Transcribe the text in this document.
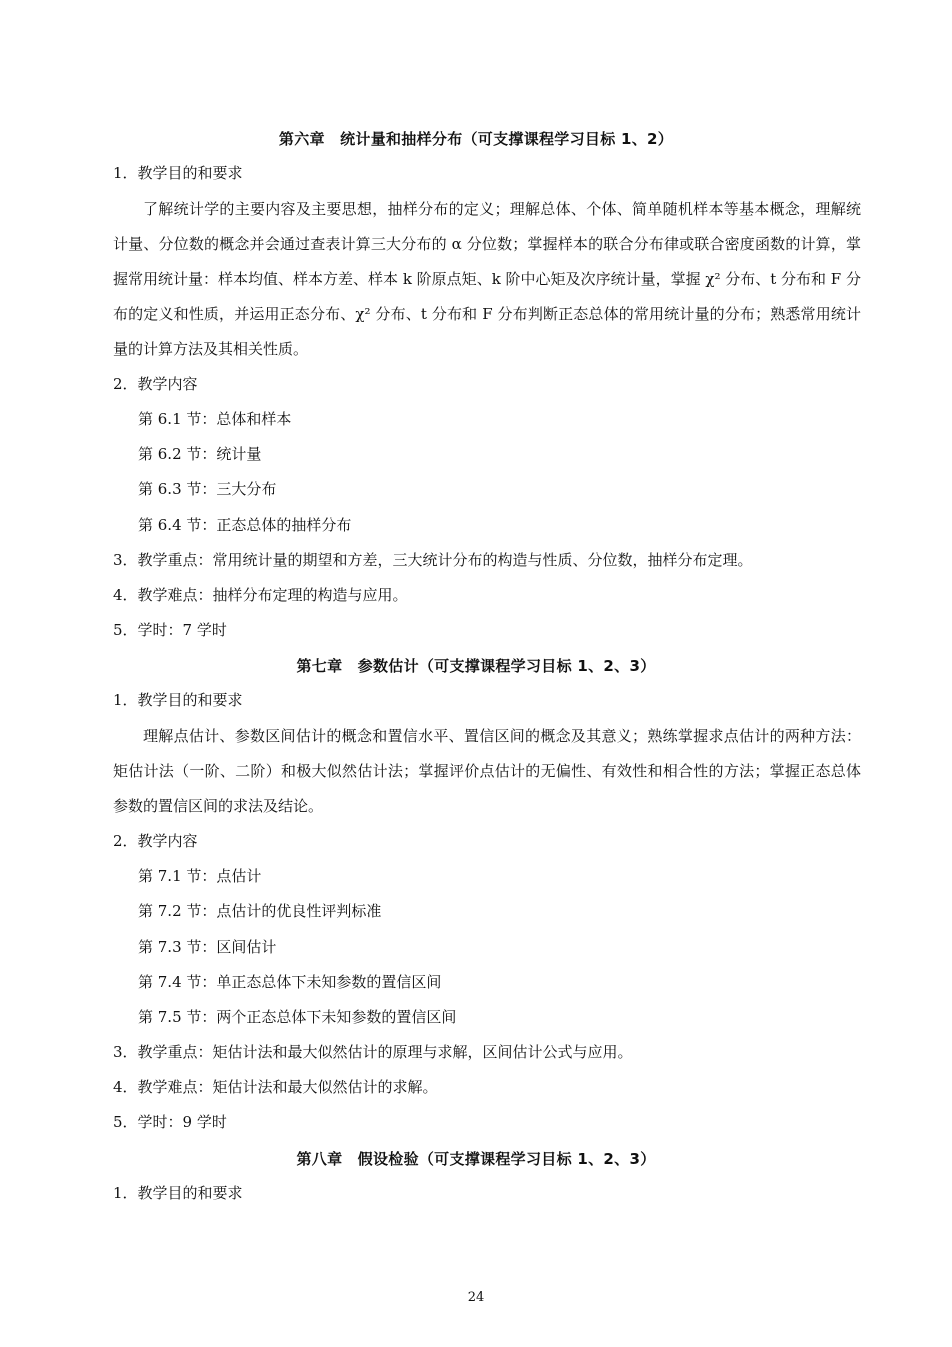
第六章　统计量和抽样分布（可支撑课程学习目标 1、2）
1．教学目的和要求

了解统计学的主要内容及主要思想，抽样分布的定义；理解总体、个体、简单随机样本等基本概念，理解统计量、分位数的概念并会通过查表计算三大分布的 α 分位数；掌握样本的联合分布律或联合密度函数的计算，掌握常用统计量：样本均值、样本方差、样本 k 阶原点矩、k 阶中心矩及次序统计量，掌握 χ² 分布、t 分布和 F 分布的定义和性质，并运用正态分布、χ² 分布、t 分布和 F 分布判断正态总体的常用统计量的分布；熟悉常用统计量的计算方法及其相关性质。

2．教学内容
第 6.1 节：总体和样本
第 6.2 节：统计量
第 6.3 节：三大分布
第 6.4 节：正态总体的抽样分布
3．教学重点：常用统计量的期望和方差，三大统计分布的构造与性质、分位数，抽样分布定理。
4．教学难点：抽样分布定理的构造与应用。
5．学时：7 学时
第七章　参数估计（可支撑课程学习目标 1、2、3）
1．教学目的和要求

理解点估计、参数区间估计的概念和置信水平、置信区间的概念及其意义；熟练掌握求点估计的两种方法：矩估计法（一阶、二阶）和极大似然估计法；掌握评价点估计的无偏性、有效性和相合性的方法；掌握正态总体参数的置信区间的求法及结论。

2．教学内容
第 7.1 节：点估计
第 7.2 节：点估计的优良性评判标准
第 7.3 节：区间估计
第 7.4 节：单正态总体下未知参数的置信区间
第 7.5 节：两个正态总体下未知参数的置信区间
3．教学重点：矩估计法和最大似然估计的原理与求解，区间估计公式与应用。
4．教学难点：矩估计法和最大似然估计的求解。
5．学时：9 学时
第八章　假设检验（可支撑课程学习目标 1、2、3）
1．教学目的和要求
24
